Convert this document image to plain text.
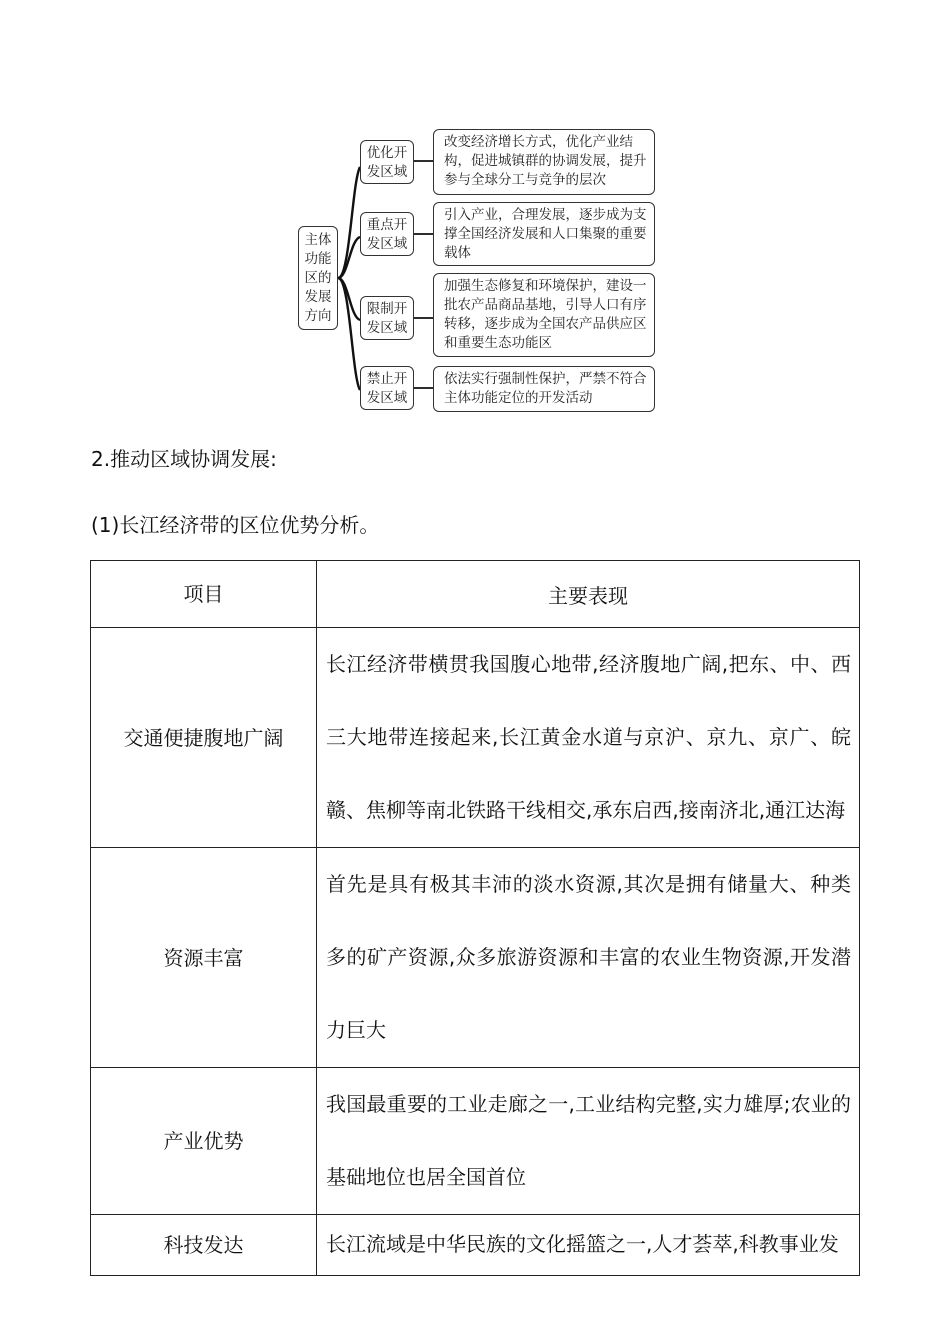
主体
功能
区的
发展
方向
优化开发区域
改变经济增长方式，优化产业结构，促进城镇群的协调发展，提升参与全球分工与竞争的层次
重点开发区域
引入产业，合理发展，逐步成为支撑全国经济发展和人口集聚的重要载体
限制开发区域
加强生态修复和环境保护，建设一批农产品商品基地，引导人口有序转移，逐步成为全国农产品供应区和重要生态功能区
禁止开发区域
依法实行强制性保护，严禁不符合主体功能定位的开发活动
2.推动区域协调发展:
(1)长江经济带的区位优势分析。
项目	主要表现
交通便捷腹地广阔	长江经济带横贯我国腹心地带,经济腹地广阔,把东、中、西三大地带连接起来,长江黄金水道与京沪、京九、京广、皖赣、焦柳等南北铁路干线相交,承东启西,接南济北,通江达海
资源丰富	首先是具有极其丰沛的淡水资源,其次是拥有储量大、种类多的矿产资源,众多旅游资源和丰富的农业生物资源,开发潜力巨大
产业优势	我国最重要的工业走廊之一,工业结构完整,实力雄厚;农业的基础地位也居全国首位
科技发达	长江流域是中华民族的文化摇篮之一,人才荟萃,科教事业发
